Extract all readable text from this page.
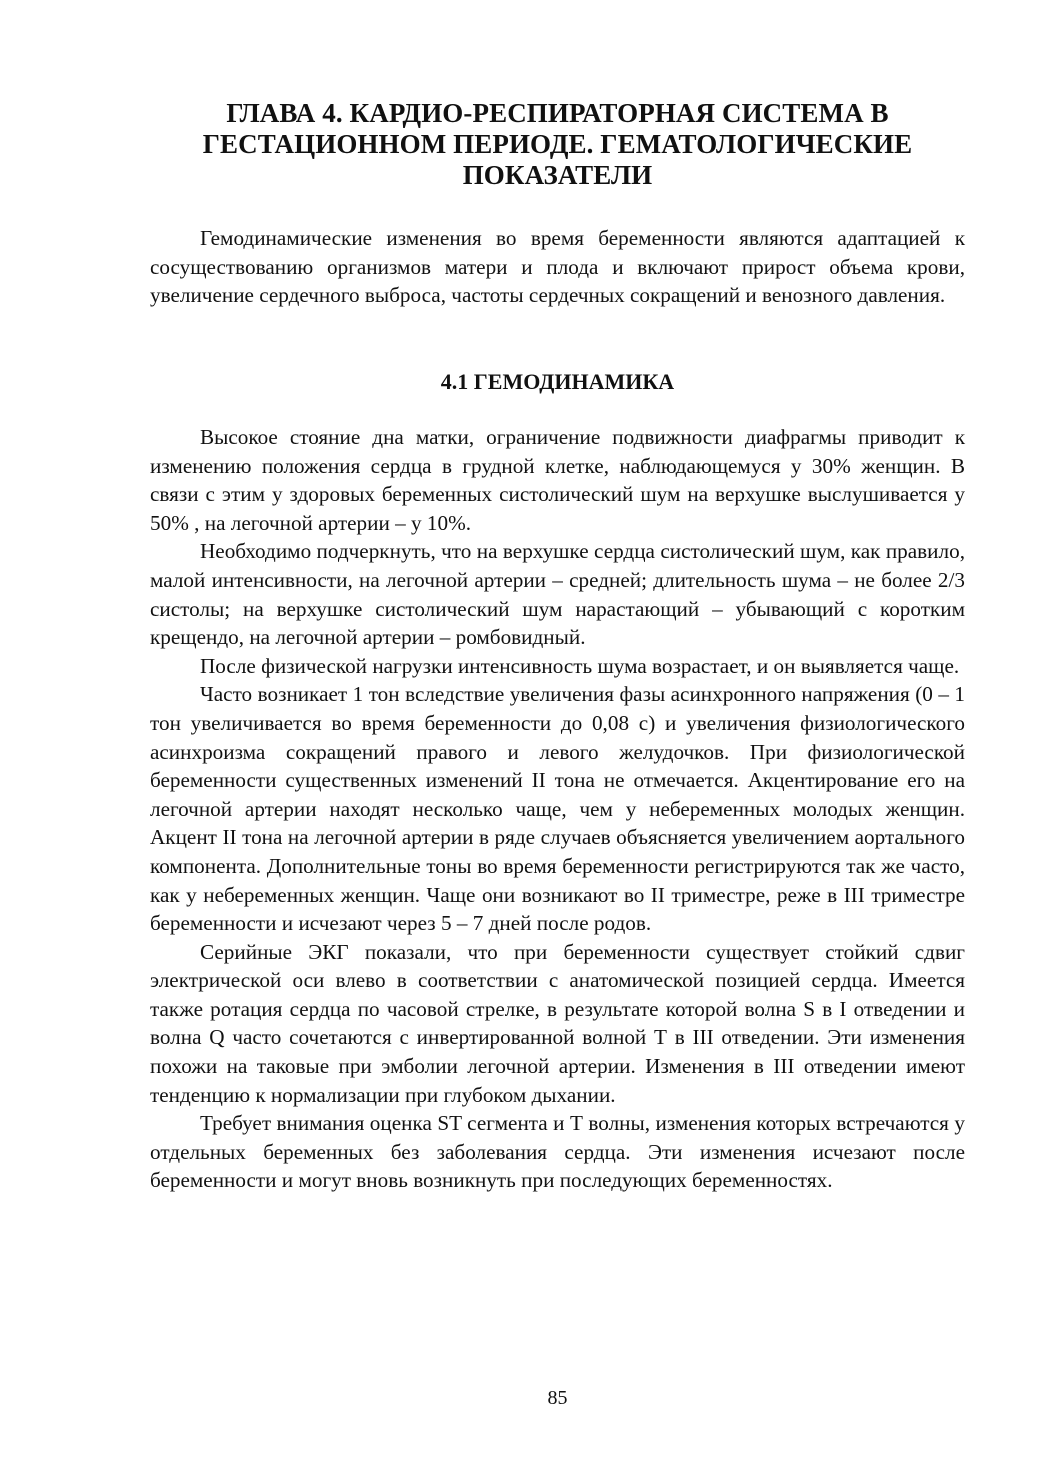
ГЛАВА 4. КАРДИО-РЕСПИРАТОРНАЯ СИСТЕМА В
ГЕСТАЦИОННОМ ПЕРИОДЕ. ГЕМАТОЛОГИЧЕСКИЕ
ПОКАЗАТЕЛИ

Гемодинамические изменения во время беременности являются адаптацией к сосуществованию организмов матери и плода и включают прирост объема крови, увеличение сердечного выброса, частоты сердечных сокращений и венозного давления.

4.1 ГЕМОДИНАМИКА

Высокое стояние дна матки, ограничение подвижности диафрагмы приводит к изменению положения сердца в грудной клетке, наблюдающемуся у 30% женщин. В связи с этим у здоровых беременных систолический шум на верхушке выслушивается у 50% , на легочной артерии – у 10%.

Необходимо подчеркнуть, что на верхушке сердца систолический шум, как правило, малой интенсивности, на легочной артерии – средней; длительность шума – не более 2/3 систолы; на верхушке систолический шум нарастающий – убывающий с коротким крещендо, на легочной артерии – ромбовидный.

После физической нагрузки интенсивность шума возрастает, и он выявляется чаще.

Часто возникает 1 тон вследствие увеличения фазы асинхронного напряжения (0 – 1 тон увеличивается во время беременности до 0,08 с) и увеличения физиологического асинхроизма сокращений правого и левого желудочков. При физиологической беременности существенных изменений II тона не отмечается. Акцентирование его на легочной артерии находят несколько чаще, чем у небеременных молодых женщин. Акцент II тона на легочной артерии в ряде случаев объясняется увеличением аортального компонента. Дополнительные тоны во время беременности регистрируются так же часто, как у небеременных женщин. Чаще они возникают во II триместре, реже в III триместре беременности и исчезают через 5 – 7 дней после родов.

Серийные ЭКГ показали, что при беременности существует стойкий сдвиг электрической оси влево в соответствии с анатомической позицией сердца. Имеется также ротация сердца по часовой стрелке, в результате которой волна S в I отведении и волна Q часто сочетаются с инвертированной волной Т в III отведении. Эти изменения похожи на таковые при эмболии легочной артерии. Изменения в III отведении имеют тенденцию к нормализации при глубоком дыхании.

Требует внимания оценка ST сегмента и Т волны, изменения которых встречаются у отдельных беременных без заболевания сердца. Эти изменения исчезают после беременности и могут вновь возникнуть при последующих беременностях.

85
